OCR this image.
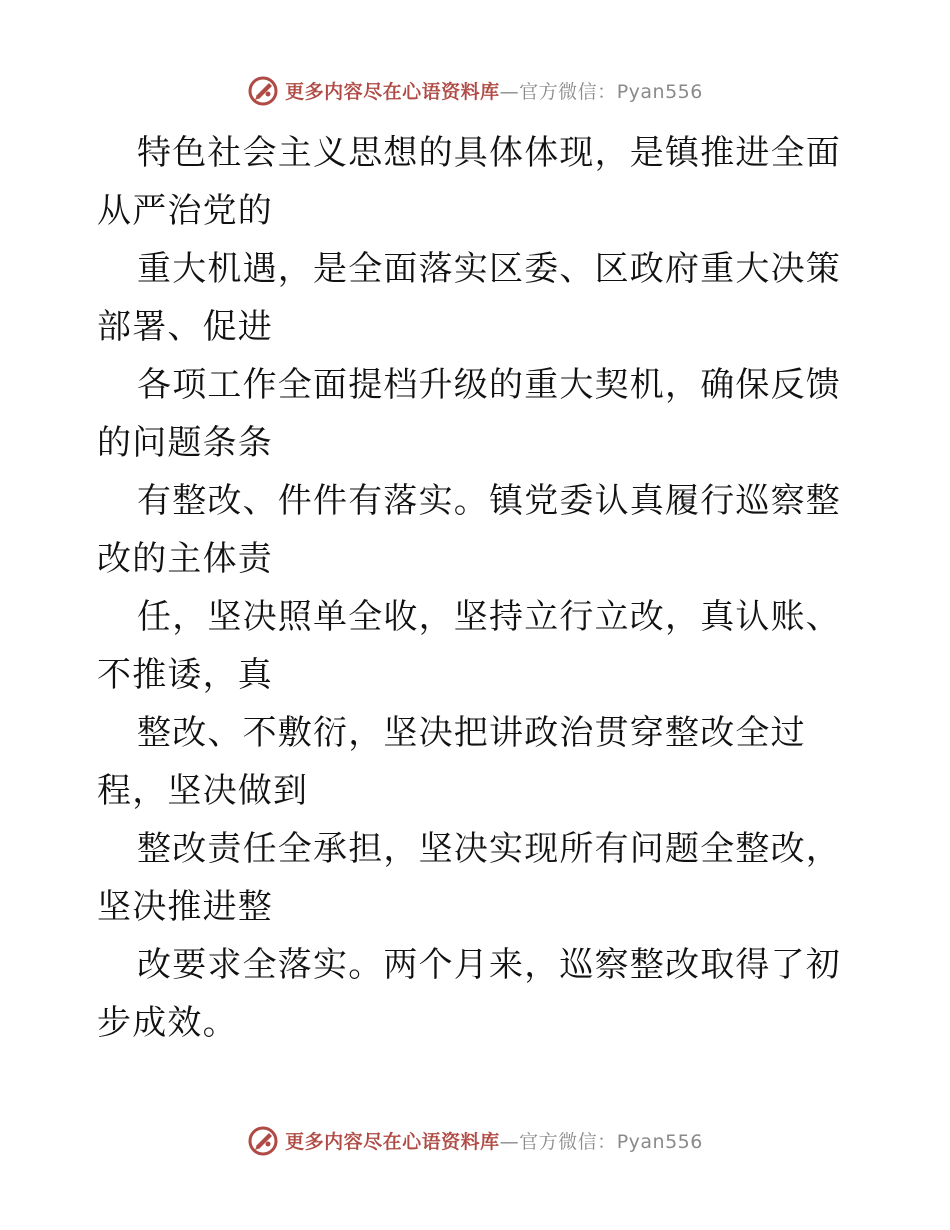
更多内容尽在心语资料库—官方微信：Pyan556

特色社会主义思想的具体体现，是镇推进全面从严治党的

重大机遇，是全面落实区委、区政府重大决策部署、促进

各项工作全面提档升级的重大契机，确保反馈的问题条条

有整改、件件有落实。镇党委认真履行巡察整改的主体责

任，坚决照单全收，坚持立行立改，真认账、不推诿，真

整改、不敷衍，坚决把讲政治贯穿整改全过程，坚决做到

整改责任全承担，坚决实现所有问题全整改，坚决推进整

改要求全落实。两个月来，巡察整改取得了初步成效。

更多内容尽在心语资料库—官方微信：Pyan556
